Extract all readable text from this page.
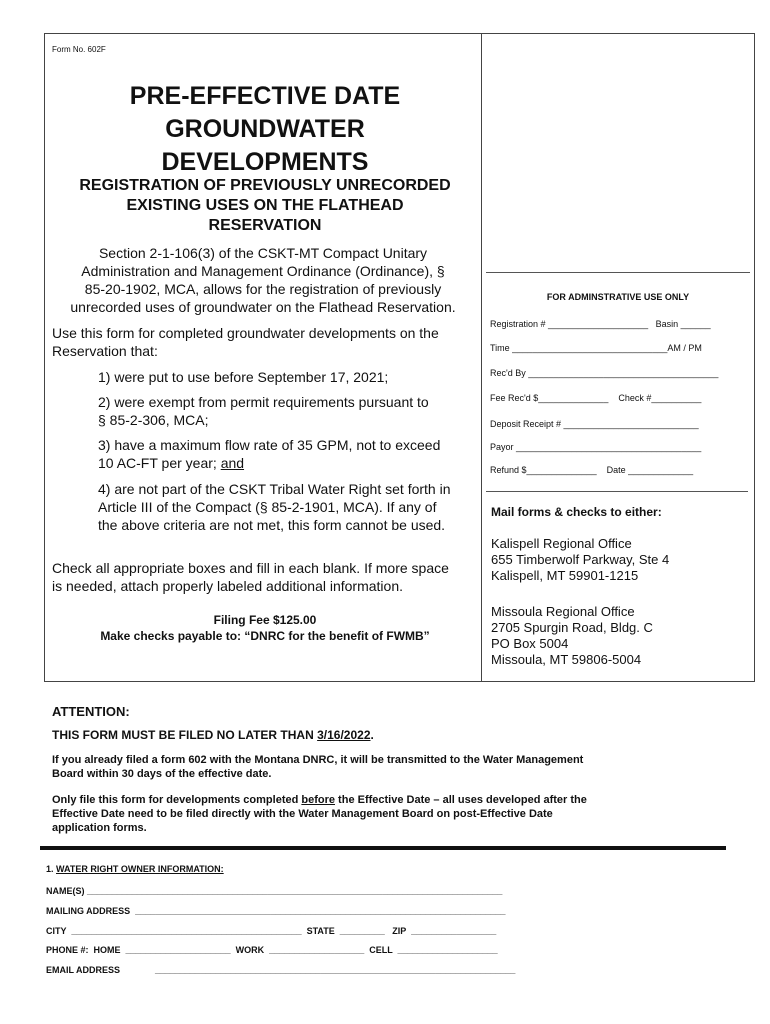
Form No. 602F
PRE-EFFECTIVE DATE
GROUNDWATER
DEVELOPMENTS
REGISTRATION OF PREVIOUSLY UNRECORDED
EXISTING USES ON THE FLATHEAD
RESERVATION
Section 2-1-106(3) of the CSKT-MT Compact Unitary
Administration and Management Ordinance (Ordinance), §
85-20-1902, MCA, allows for the registration of previously
unrecorded uses of groundwater on the Flathead Reservation.
Use this form for completed groundwater developments on the
Reservation that:
1) were put to use before September 17, 2021;
2) were exempt from permit requirements pursuant to
§ 85-2-306, MCA;
3) have a maximum flow rate of 35 GPM, not to exceed
10 AC-FT per year; and
4) are not part of the CSKT Tribal Water Right set forth in
Article III of the Compact (§ 85-2-1901, MCA). If any of
the above criteria are not met, this form cannot be used.
Check all appropriate boxes and fill in each blank. If more space
is needed, attach properly labeled additional information.
Filing Fee $125.00
Make checks payable to: “DNRC for the benefit of FWMB”
FOR ADMINSTRATIVE USE ONLY
Registration # ____________________   Basin ______
Time _______________________________AM / PM
Rec'd By ______________________________________
Fee Rec'd $______________    Check #__________
Deposit Receipt # ___________________________
Payor _____________________________________
Refund $______________    Date _____________
Mail forms & checks to either:
Kalispell Regional Office
655 Timberwolf Parkway, Ste 4
Kalispell, MT 59901-1215
Missoula Regional Office
2705 Spurgin Road, Bldg. C
PO Box 5004
Missoula, MT 59806-5004
ATTENTION:
THIS FORM MUST BE FILED NO LATER THAN 3/16/2022.
If you already filed a form 602 with the Montana DNRC, it will be transmitted to the Water Management
Board within 30 days of the effective date.
Only file this form for developments completed before the Effective Date – all uses developed after the
Effective Date need to be filed directly with the Water Management Board on post-Effective Date
application forms.
1. WATER RIGHT OWNER INFORMATION:
NAME(S) ___________________________________________________________________________________
MAILING ADDRESS  __________________________________________________________________________
CITY  ______________________________________________  STATE  _________   ZIP  _________________
PHONE #:  HOME  _____________________  WORK  ___________________  CELL  ____________________
EMAIL ADDRESS              ________________________________________________________________________
